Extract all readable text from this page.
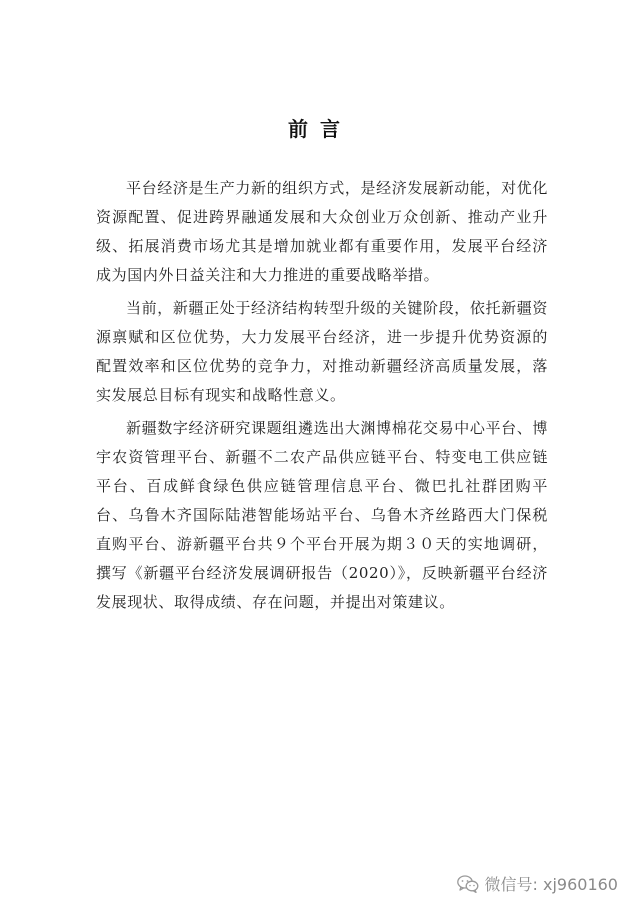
前言

平台经济是生产力新的组织方式，是经济发展新动能，对优化资源配置、促进跨界融通发展和大众创业万众创新、推动产业升级、拓展消费市场尤其是增加就业都有重要作用，发展平台经济成为国内外日益关注和大力推进的重要战略举措。

当前，新疆正处于经济结构转型升级的关键阶段，依托新疆资源禀赋和区位优势，大力发展平台经济，进一步提升优势资源的配置效率和区位优势的竞争力，对推动新疆经济高质量发展，落实发展总目标有现实和战略性意义。

新疆数字经济研究课题组遴选出大渊博棉花交易中心平台、博宇农资管理平台、新疆不二农产品供应链平台、特变电工供应链平台、百成鲜食绿色供应链管理信息平台、微巴扎社群团购平台、乌鲁木齐国际陆港智能场站平台、乌鲁木齐丝路西大门保税直购平台、游新疆平台共９个平台开展为期３０天的实地调研，撰写《新疆平台经济发展调研报告（2020）》，反映新疆平台经济发展现状、取得成绩、存在问题，并提出对策建议。

微信号: xj960160
